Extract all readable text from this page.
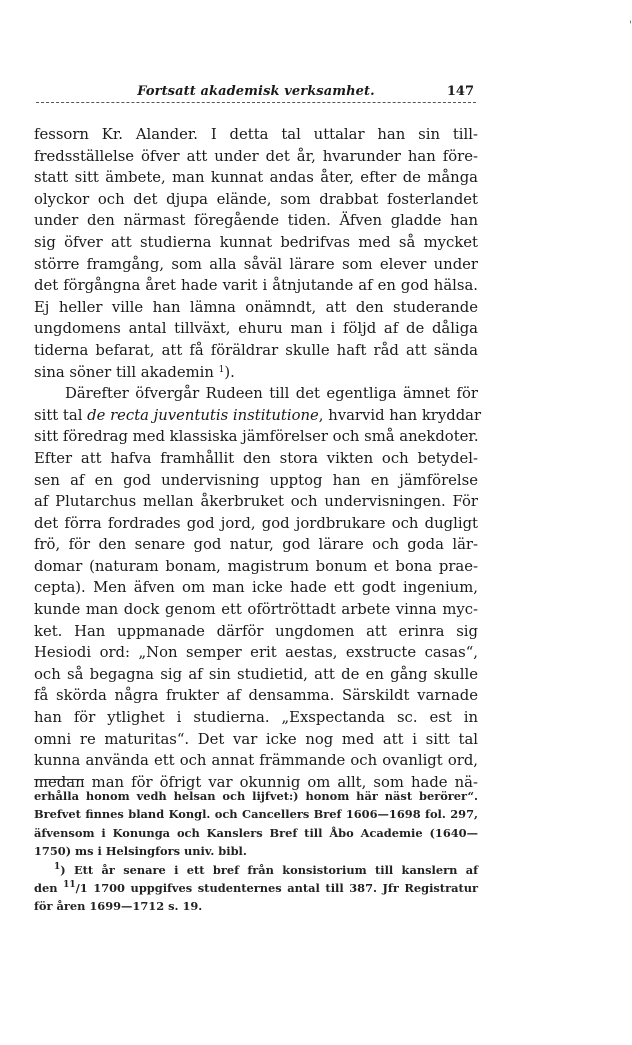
'
Fortsatt akademisk verksamhet.	147
fessorn Kr. Alander. I detta tal uttalar han sin till-
fredsställelse öfver att under det år, hvarunder han före-
statt sitt ämbete, man kunnat andas åter, efter de många
olyckor och det djupa elände, som drabbat fosterlandet
under den närmast föregående tiden. Äfven gladde han
sig öfver att studierna kunnat bedrifvas med så mycket
större framgång, som alla såväl lärare som elever under
det förgångna året hade varit i åtnjutande af en god hälsa.
Ej heller ville han lämna onämndt, att den studerande
ungdomens antal tillväxt, ehuru man i följd af de dåliga
tiderna befarat, att få föräldrar skulle haft råd att sända
sina söner till akademin $^1$).
Därefter öfvergår Rudeen till det egentliga ämnet för
sitt tal de recta juventutis institutione, hvarvid han kryddar
sitt föredrag med klassiska jämförelser och små anekdoter.
Efter att hafva framhållit den stora vikten och betydel-
sen af en god undervisning upptog han en jämförelse
af Plutarchus mellan åkerbruket och undervisningen. För
det förra fordrades god jord, god jordbrukare och dugligt
frö, för den senare god natur, god lärare och goda lär-
domar (naturam bonam, magistrum bonum et bona prae-
cepta). Men äfven om man icke hade ett godt ingenium,
kunde man dock genom ett oförtröttadt arbete vinna myc-
ket. Han uppmanade därför ungdomen att erinra sig
Hesiodi ord: „Non semper erit aestas, exstructe casas“,
och så begagna sig af sin studietid, att de en gång skulle
få skörda några frukter af densamma. Särskildt varnade
han för ytlighet i studierna. „Exspectanda sc. est in
omni re maturitas“. Det var icke nog med att i sitt tal
kunna använda ett och annat främmande och ovanligt ord,
medan man för öfrigt var okunnig om allt, som hade nä-
erhålla honom vedh helsan och lijfvet:) honom här näst berörer“.
Brefvet finnes bland Kongl. och Cancellers Bref 1606—1698 fol. 297,
äfvensom i Konunga och Kanslers Bref till Åbo Academie (1640—
1750) ms i Helsingfors univ. bibl.
$^1$) Ett år senare i ett bref från konsistorium till kanslern af
den $^{11}$/1 1700 uppgifves studenternes antal till 387. Jfr Registratur
för åren 1699—1712 s. 19.
